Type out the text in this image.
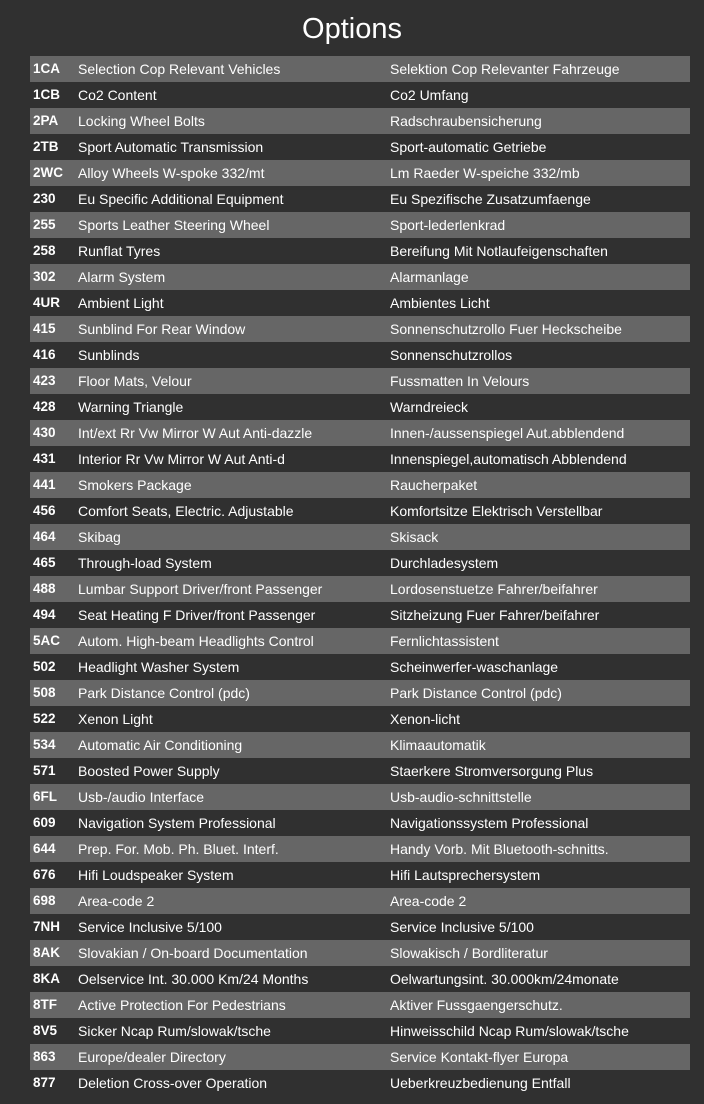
Options
1CA Selection Cop Relevant Vehicles	Selektion Cop Relevanter Fahrzeuge
1CB Co2 Content	Co2 Umfang
2PA Locking Wheel Bolts	Radschraubensicherung
2TB Sport Automatic Transmission	Sport-automatic Getriebe
2WC Alloy Wheels W-spoke 332/mt	Lm Raeder W-speiche 332/mb
230 Eu Specific Additional Equipment	Eu Spezifische Zusatzumfaenge
255 Sports Leather Steering Wheel	Sport-lederlenkrad
258 Runflat Tyres	Bereifung Mit Notlaufeigenschaften
302 Alarm System	Alarmanlage
4UR Ambient Light	Ambientes Licht
415 Sunblind For Rear Window	Sonnenschutzrollo Fuer Heckscheibe
416 Sunblinds	Sonnenschutzrollos
423 Floor Mats, Velour	Fussmatten In Velours
428 Warning Triangle	Warndreieck
430 Int/ext Rr Vw Mirror W Aut Anti-dazzle	Innen-/aussenspiegel Aut.abblendend
431 Interior Rr Vw Mirror W Aut Anti-d	Innenspiegel,automatisch Abblendend
441 Smokers Package	Raucherpaket
456 Comfort Seats, Electric. Adjustable	Komfortsitze Elektrisch Verstellbar
464 Skibag	Skisack
465 Through-load System	Durchladesystem
488 Lumbar Support Driver/front Passenger	Lordosenstuetze Fahrer/beifahrer
494 Seat Heating F Driver/front Passenger	Sitzheizung Fuer Fahrer/beifahrer
5AC Autom. High-beam Headlights Control	Fernlichtassistent
502 Headlight Washer System	Scheinwerfer-waschanlage
508 Park Distance Control (pdc)	Park Distance Control (pdc)
522 Xenon Light	Xenon-licht
534 Automatic Air Conditioning	Klimaautomatik
571 Boosted Power Supply	Staerkere Stromversorgung Plus
6FL Usb-/audio Interface	Usb-audio-schnittstelle
609 Navigation System Professional	Navigationssystem Professional
644 Prep. For. Mob. Ph. Bluet. Interf.	Handy Vorb. Mit Bluetooth-schnitts.
676 Hifi Loudspeaker System	Hifi Lautsprechersystem
698 Area-code 2	Area-code 2
7NH Service Inclusive 5/100	Service Inclusive 5/100
8AK Slovakian / On-board Documentation	Slowakisch / Bordliteratur
8KA Oelservice Int. 30.000 Km/24 Months	Oelwartungsint. 30.000km/24monate
8TF Active Protection For Pedestrians	Aktiver Fussgaengerschutz.
8V5 Sicker Ncap Rum/slowak/tsche	Hinweisschild Ncap Rum/slowak/tsche
863 Europe/dealer Directory	Service Kontakt-flyer Europa
877 Deletion Cross-over Operation	Ueberkreuzbedienung Entfall
